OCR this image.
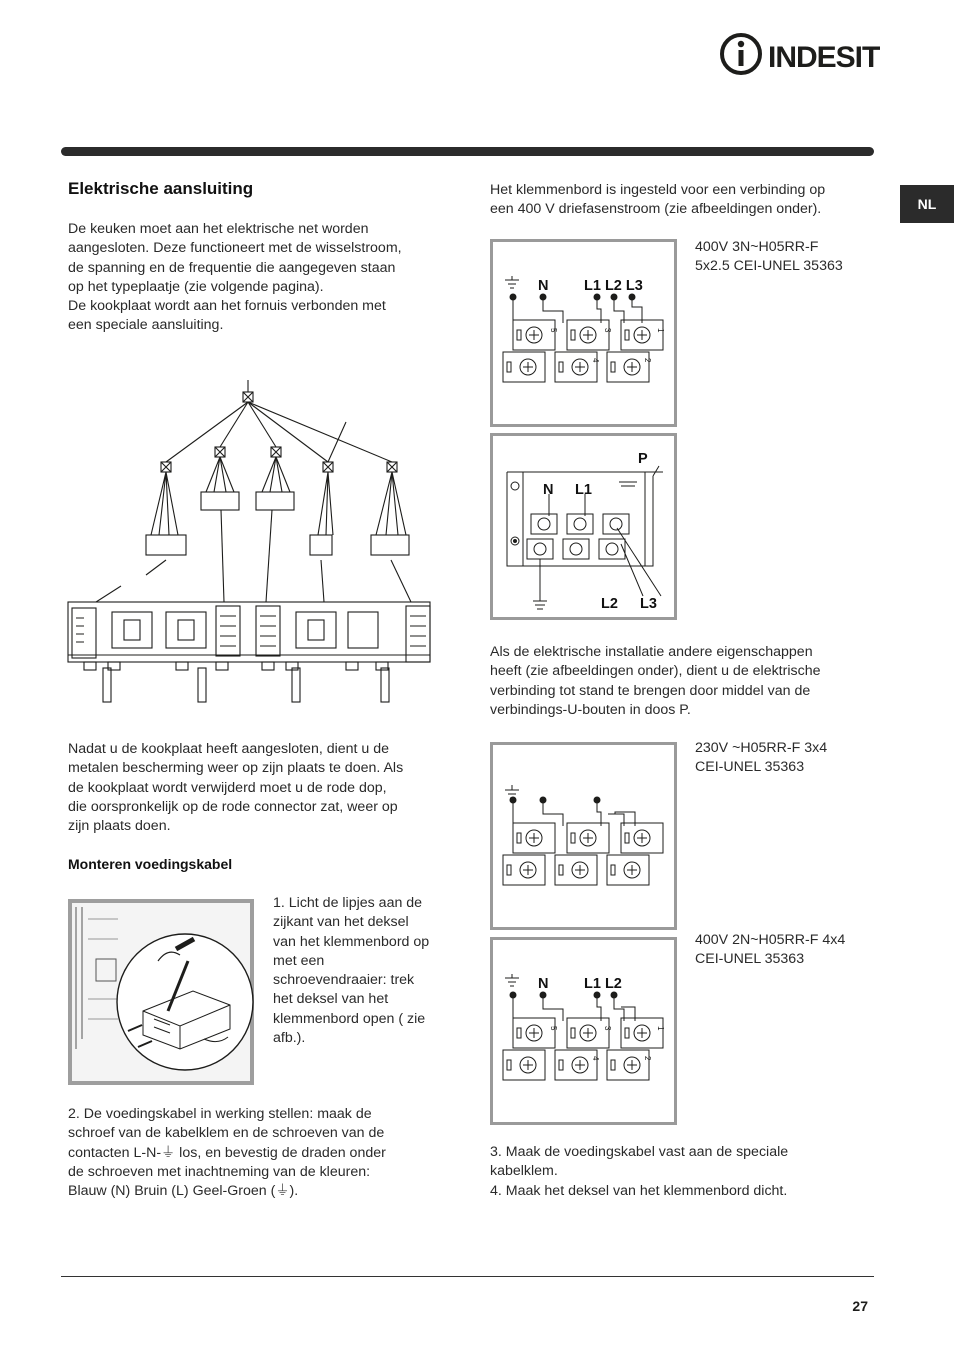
INDESIT
NL
Elektrische aansluiting
De keuken moet aan het elektrische net worden
aangesloten. Deze functioneert met de wisselstroom,
de spanning en de frequentie die aangegeven staan
op het typeplaatje (zie volgende pagina).
De kookplaat wordt aan het fornuis verbonden met
een speciale aansluiting.
Nadat u de kookplaat heeft aangesloten, dient u de
metalen bescherming weer op zijn plaats te doen. Als
de kookplaat wordt verwijderd moet u de rode dop,
die oorspronkelijk op de rode connector zat, weer op
zijn plaats doen.
Monteren voedingskabel
1. Licht de lipjes aan de
zijkant van het deksel
van het klemmenbord op
met een
schroevendraaier: trek
het deksel van het
klemmenbord open ( zie
afb.).
2. De voedingskabel in werking stellen: maak de
schroef van de kabelklem en de schroeven van de
contacten L-N-⏚ los, en bevestig de draden onder
de schroeven met inachtneming van de kleuren:
Blauw (N) Bruin (L) Geel-Groen (⏚).
Het klemmenbord is ingesteld voor een verbinding op
een 400 V driefasenstroom (zie afbeeldingen onder).
5	3	1
4	2
N L1 L2 L3
400V 3N~H05RR-F
5x2.5 CEI-UNEL 35363
P
N L1
L2 L3
Als de elektrische installatie andere eigenschappen
heeft (zie afbeeldingen onder), dient u de elektrische
verbinding tot stand te brengen door middel van de
verbindings-U-bouten in doos P.
230V ~H05RR-F 3x4
CEI-UNEL 35363
5	3	1
4	2
N L1 L2
400V 2N~H05RR-F 4x4
CEI-UNEL 35363
3. Maak de voedingskabel vast aan de speciale
kabelklem.
4. Maak het deksel van het klemmenbord dicht.
27
